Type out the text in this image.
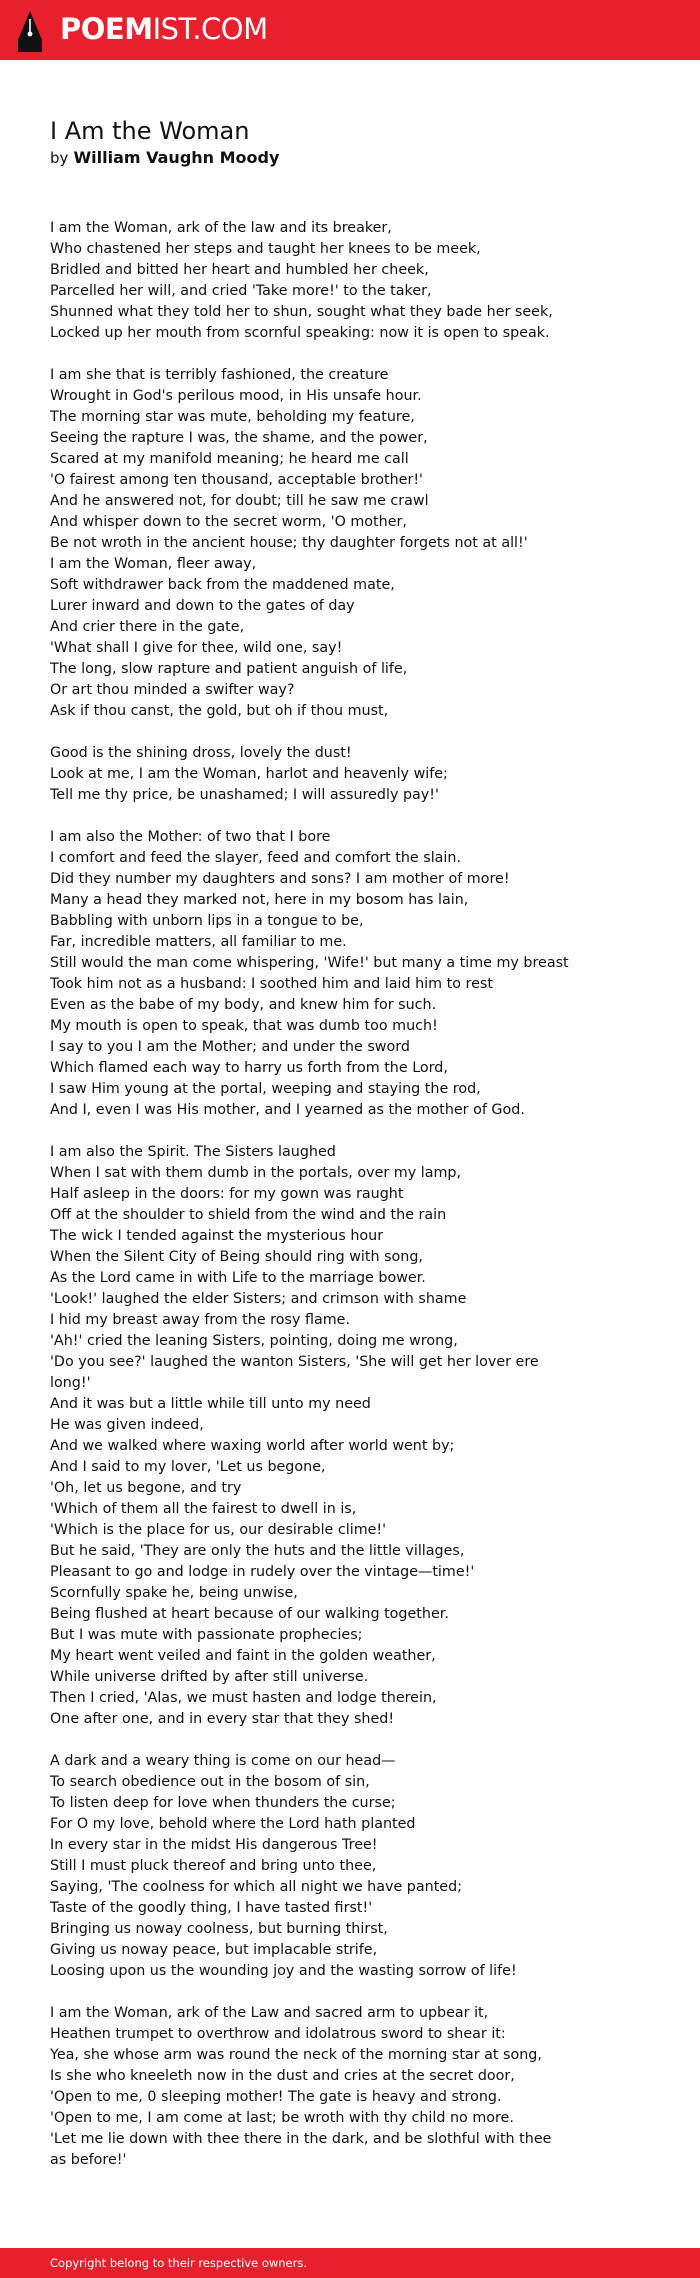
POEMIST.COM
I Am the Woman
by William Vaughn Moody
I am the Woman, ark of the law and its breaker,
Who chastened her steps and taught her knees to be meek,
Bridled and bitted her heart and humbled her cheek,
Parcelled her will, and cried 'Take more!' to the taker,
Shunned what they told her to shun, sought what they bade her seek,
Locked up her mouth from scornful speaking: now it is open to speak.
I am she that is terribly fashioned, the creature
Wrought in God's perilous mood, in His unsafe hour.
The morning star was mute, beholding my feature,
Seeing the rapture I was, the shame, and the power,
Scared at my manifold meaning; he heard me call
'O fairest among ten thousand, acceptable brother!'
And he answered not, for doubt; till he saw me crawl
And whisper down to the secret worm, 'O mother,
Be not wroth in the ancient house; thy daughter forgets not at all!'
I am the Woman, fleer away,
Soft withdrawer back from the maddened mate,
Lurer inward and down to the gates of day
And crier there in the gate,
'What shall I give for thee, wild one, say!
The long, slow rapture and patient anguish of life,
Or art thou minded a swifter way?
Ask if thou canst, the gold, but oh if thou must,
Good is the shining dross, lovely the dust!
Look at me, I am the Woman, harlot and heavenly wife;
Tell me thy price, be unashamed; I will assuredly pay!'
I am also the Mother: of two that I bore
I comfort and feed the slayer, feed and comfort the slain.
Did they number my daughters and sons? I am mother of more!
Many a head they marked not, here in my bosom has lain,
Babbling with unborn lips in a tongue to be,
Far, incredible matters, all familiar to me.
Still would the man come whispering, 'Wife!' but many a time my breast
Took him not as a husband: I soothed him and laid him to rest
Even as the babe of my body, and knew him for such.
My mouth is open to speak, that was dumb too much!
I say to you I am the Mother; and under the sword
Which flamed each way to harry us forth from the Lord,
I saw Him young at the portal, weeping and staying the rod,
And I, even I was His mother, and I yearned as the mother of God.
I am also the Spirit. The Sisters laughed
When I sat with them dumb in the portals, over my lamp,
Half asleep in the doors: for my gown was raught
Off at the shoulder to shield from the wind and the rain
The wick I tended against the mysterious hour
When the Silent City of Being should ring with song,
As the Lord came in with Life to the marriage bower.
'Look!' laughed the elder Sisters; and crimson with shame
I hid my breast away from the rosy flame.
'Ah!' cried the leaning Sisters, pointing, doing me wrong,
'Do you see?' laughed the wanton Sisters, 'She will get her lover ere long!'
And it was but a little while till unto my need
He was given indeed,
And we walked where waxing world after world went by;
And I said to my lover, 'Let us begone,
'Oh, let us begone, and try
'Which of them all the fairest to dwell in is,
'Which is the place for us, our desirable clime!'
But he said, 'They are only the huts and the little villages,
Pleasant to go and lodge in rudely over the vintage—time!'
Scornfully spake he, being unwise,
Being flushed at heart because of our walking together.
But I was mute with passionate prophecies;
My heart went veiled and faint in the golden weather,
While universe drifted by after still universe.
Then I cried, 'Alas, we must hasten and lodge therein,
One after one, and in every star that they shed!
A dark and a weary thing is come on our head—
To search obedience out in the bosom of sin,
To listen deep for love when thunders the curse;
For O my love, behold where the Lord hath planted
In every star in the midst His dangerous Tree!
Still I must pluck thereof and bring unto thee,
Saying, 'The coolness for which all night we have panted;
Taste of the goodly thing, I have tasted first!'
Bringing us noway coolness, but burning thirst,
Giving us noway peace, but implacable strife,
Loosing upon us the wounding joy and the wasting sorrow of life!
I am the Woman, ark of the Law and sacred arm to upbear it,
Heathen trumpet to overthrow and idolatrous sword to shear it:
Yea, she whose arm was round the neck of the morning star at song,
Is she who kneeleth now in the dust and cries at the secret door,
'Open to me, 0 sleeping mother! The gate is heavy and strong.
'Open to me, I am come at last; be wroth with thy child no more.
'Let me lie down with thee there in the dark, and be slothful with thee as before!'
Copyright belong to their respective owners.
